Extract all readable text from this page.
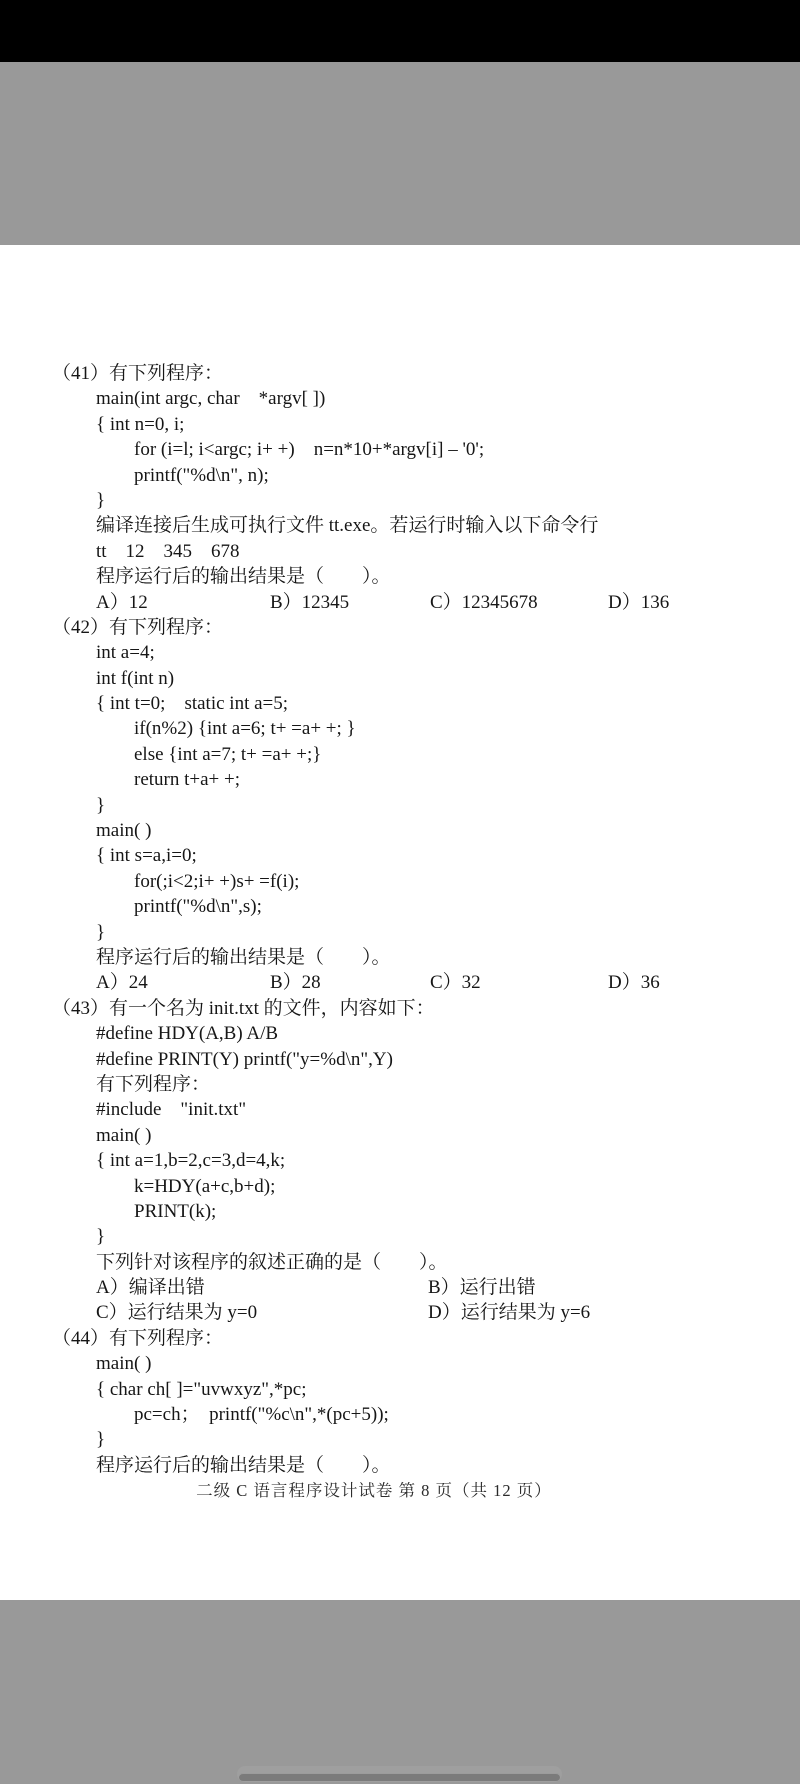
（41）有下列程序：
main(int argc, char    *argv[ ])
{ int n=0, i;
for (i=l; i<argc; i+ +)    n=n*10+*argv[i] – '0';
printf("%d\n", n);
}
编译连接后生成可执行文件 tt.exe。若运行时输入以下命令行
tt    12    345    678
程序运行后的输出结果是（　　）。
A）12	B）12345	C）12345678	D）136
（42）有下列程序：
int a=4;
int f(int n)
{ int t=0;    static int a=5;
if(n%2) {int a=6; t+ =a+ +; }
else {int a=7; t+ =a+ +;}
return t+a+ +;
}
main( )
{ int s=a,i=0;
for(;i<2;i+ +)s+ =f(i);
printf("%d\n",s);
}
程序运行后的输出结果是（　　）。
A）24	B）28	C）32	D）36
（43）有一个名为 init.txt 的文件，内容如下：
#define HDY(A,B) A/B
#define PRINT(Y) printf("y=%d\n",Y)
有下列程序：
#include    "init.txt"
main( )
{ int a=1,b=2,c=3,d=4,k;
k=HDY(a+c,b+d);
PRINT(k);
}
下列针对该程序的叙述正确的是（　　）。
A）编译出错	B）运行出错
C）运行结果为 y=0	D）运行结果为 y=6
（44）有下列程序：
main( )
{ char ch[ ]="uvwxyz",*pc;
pc=ch；  printf("%c\n",*(pc+5));
}
程序运行后的输出结果是（　　）。
二级 C 语言程序设计试卷 第 8 页（共 12 页）
